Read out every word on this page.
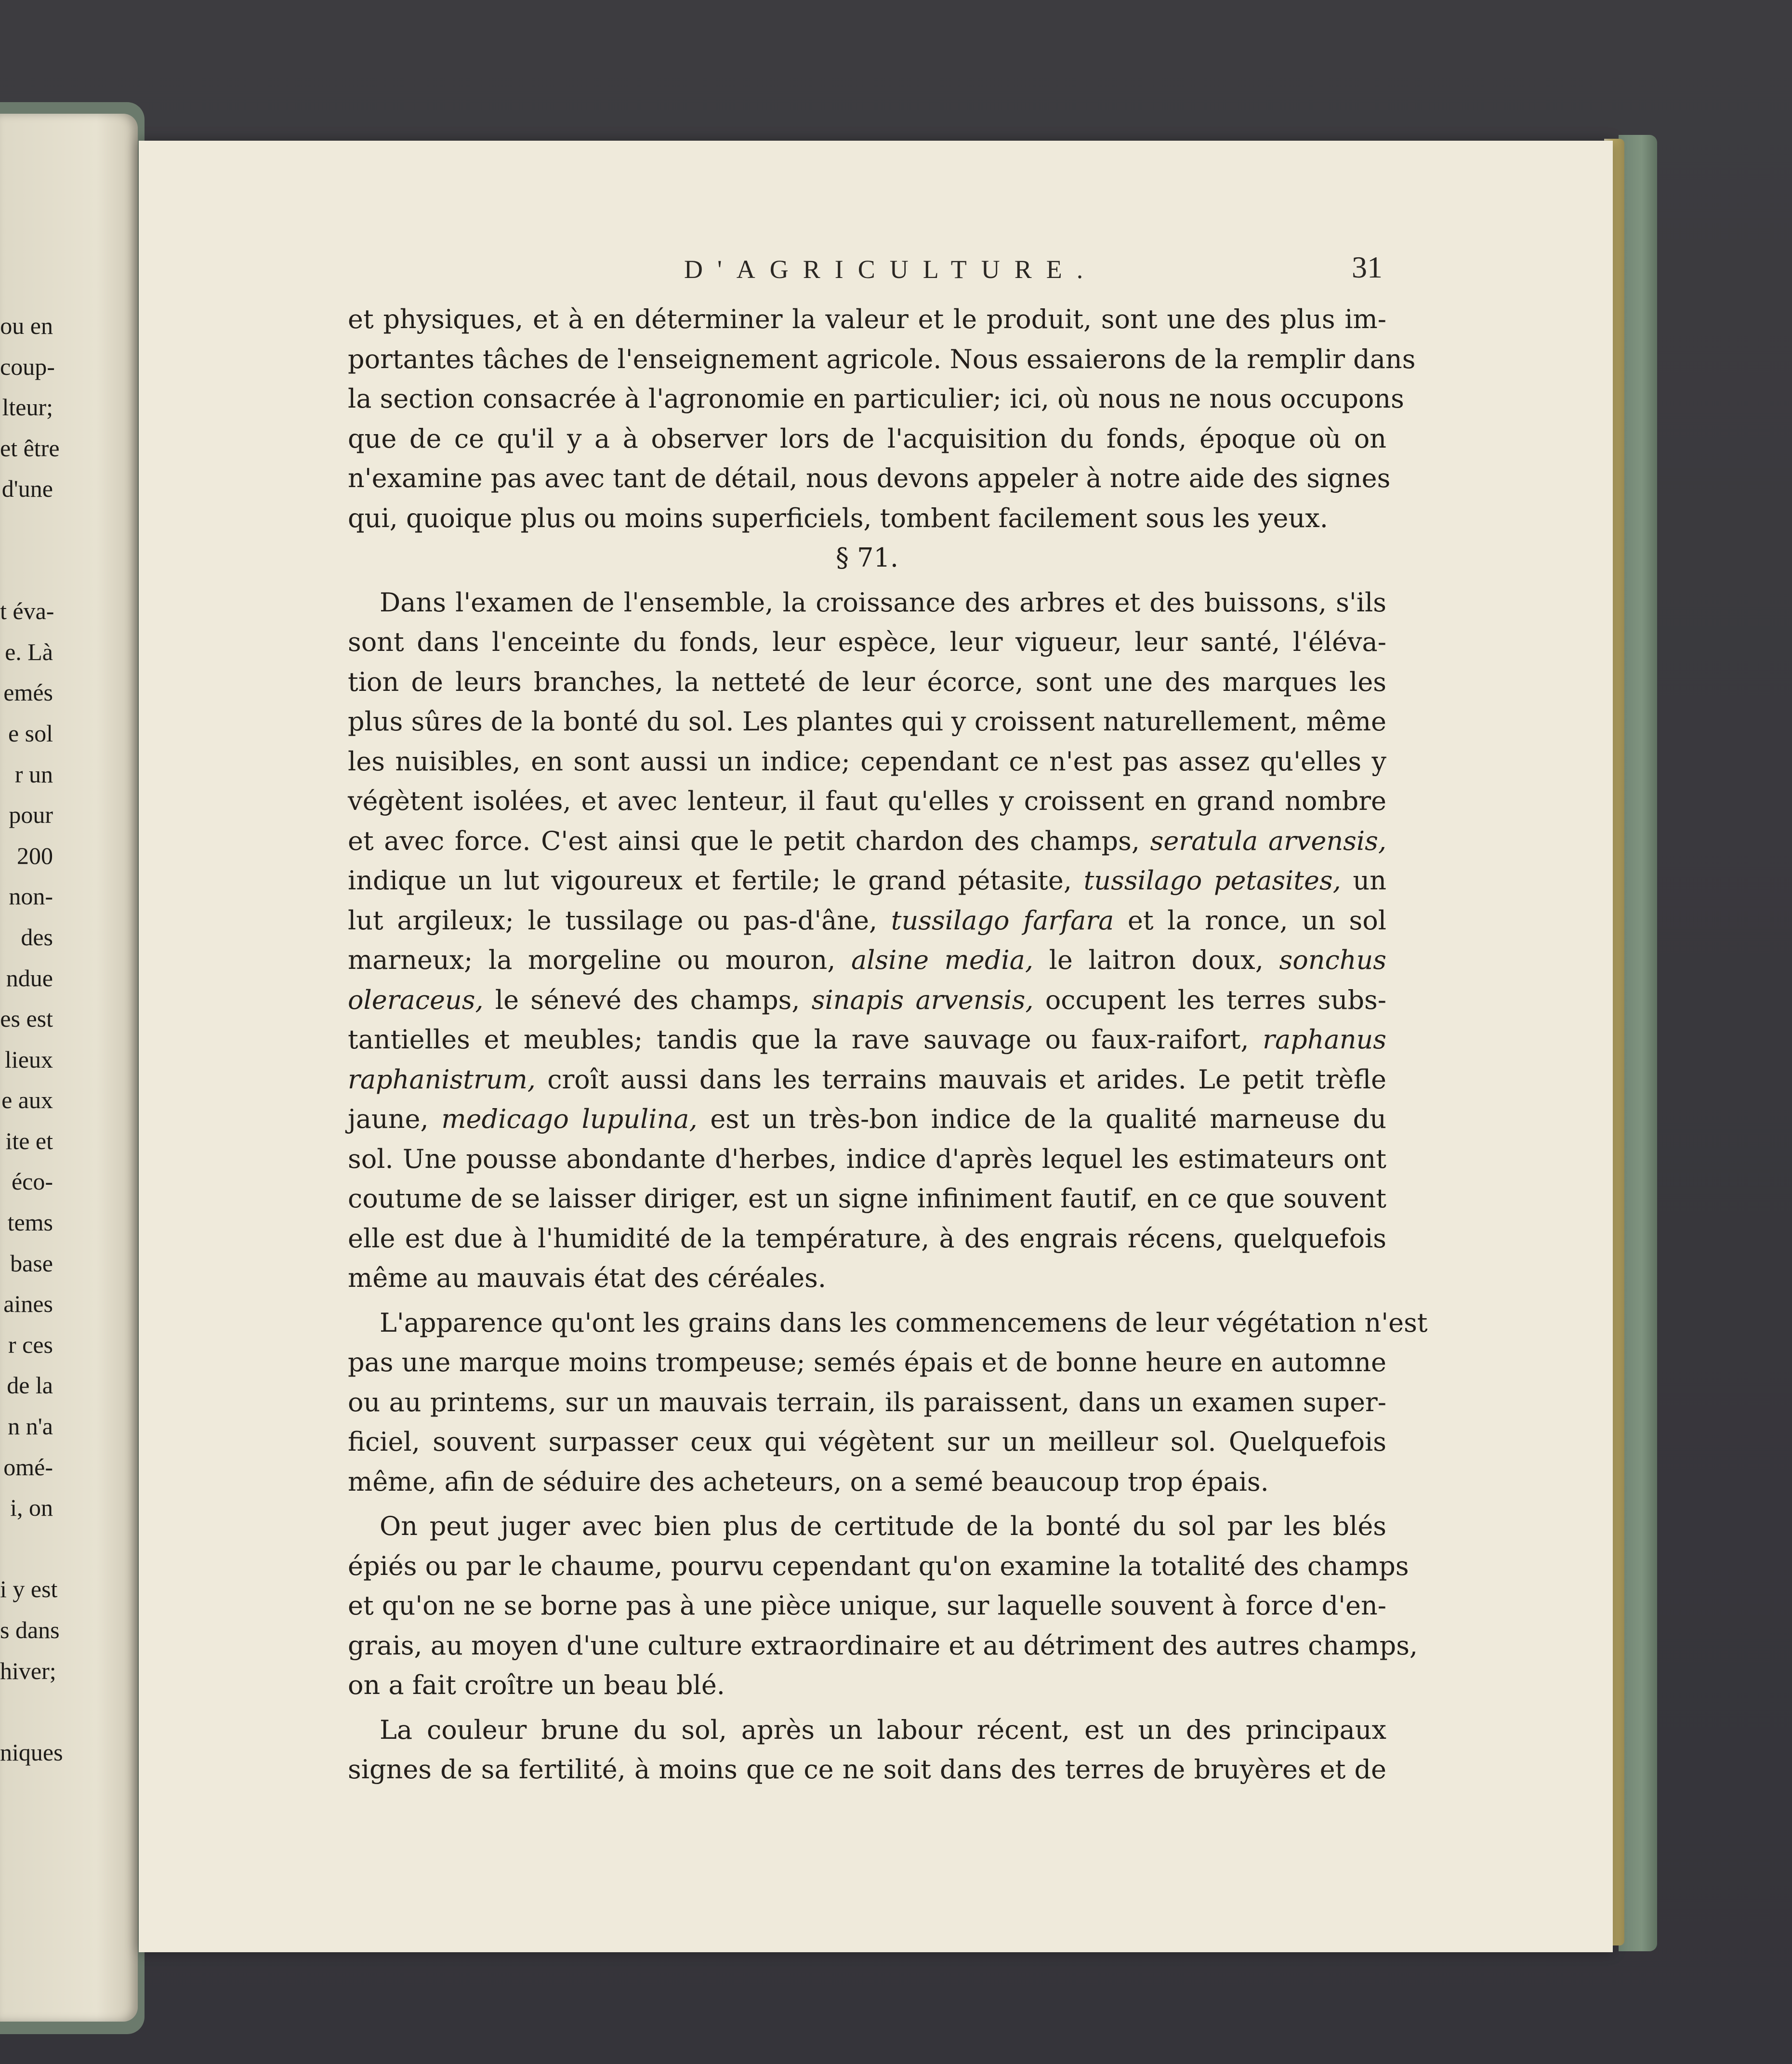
ou en
coup-
lteur;
et être
d'une
t éva-
e. Là
emés
e sol
r un
pour
200
non-
des
ndue
es est
lieux
e aux
ite et
éco-
tems
base
aines
r ces
de la
n n'a
omé-
i, on
i y est
s dans
hiver;
niques
D'AGRICULTURE.	31
et physiques, et à en déterminer la valeur et le produit, sont une des plus im-
portantes tâches de l'enseignement agricole. Nous essaierons de la remplir dans
la section consacrée à l'agronomie en particulier; ici, où nous ne nous occupons
que de ce qu'il y a à observer lors de l'acquisition du fonds, époque où on
n'examine pas avec tant de détail, nous devons appeler à notre aide des signes
qui, quoique plus ou moins superficiels, tombent facilement sous les yeux.
§ 71.
Dans l'examen de l'ensemble, la croissance des arbres et des buissons, s'ils
sont dans l'enceinte du fonds, leur espèce, leur vigueur, leur santé, l'éléva-
tion de leurs branches, la netteté de leur écorce, sont une des marques les
plus sûres de la bonté du sol. Les plantes qui y croissent naturellement, même
les nuisibles, en sont aussi un indice; cependant ce n'est pas assez qu'elles y
végètent isolées, et avec lenteur, il faut qu'elles y croissent en grand nombre
et avec force. C'est ainsi que le petit chardon des champs, seratula arvensis,
indique un lut vigoureux et fertile; le grand pétasite, tussilago petasites, un
lut argileux; le tussilage ou pas-d'âne, tussilago farfara et la ronce, un sol
marneux; la morgeline ou mouron, alsine media, le laitron doux, sonchus
oleraceus, le sénevé des champs, sinapis arvensis, occupent les terres subs-
tantielles et meubles; tandis que la rave sauvage ou faux-raifort, raphanus
raphanistrum, croît aussi dans les terrains mauvais et arides. Le petit trèfle
jaune, medicago lupulina, est un très-bon indice de la qualité marneuse du
sol. Une pousse abondante d'herbes, indice d'après lequel les estimateurs ont
coutume de se laisser diriger, est un signe infiniment fautif, en ce que souvent
elle est due à l'humidité de la température, à des engrais récens, quelquefois
même au mauvais état des céréales.
L'apparence qu'ont les grains dans les commencemens de leur végétation n'est
pas une marque moins trompeuse; semés épais et de bonne heure en automne
ou au printems, sur un mauvais terrain, ils paraissent, dans un examen super-
ficiel, souvent surpasser ceux qui végètent sur un meilleur sol. Quelquefois
même, afin de séduire des acheteurs, on a semé beaucoup trop épais.
On peut juger avec bien plus de certitude de la bonté du sol par les blés
épiés ou par le chaume, pourvu cependant qu'on examine la totalité des champs
et qu'on ne se borne pas à une pièce unique, sur laquelle souvent à force d'en-
grais, au moyen d'une culture extraordinaire et au détriment des autres champs,
on a fait croître un beau blé.
La couleur brune du sol, après un labour récent, est un des principaux
signes de sa fertilité, à moins que ce ne soit dans des terres de bruyères et de
